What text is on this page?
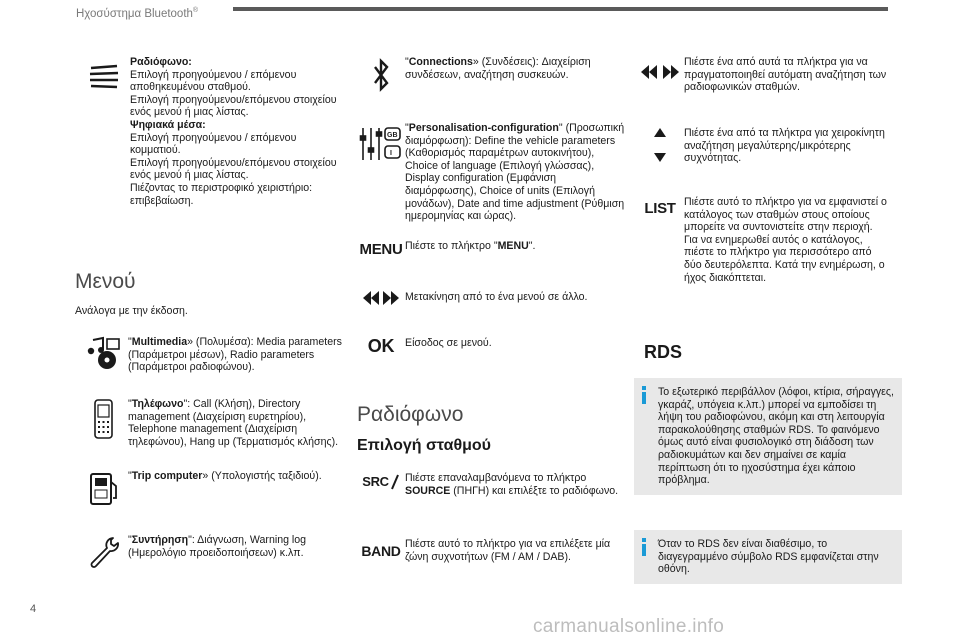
Ηχοσύστημα Bluetooth®
Ραδιόφωνο:
Επιλογή προηγούμενου / επόμενου αποθηκευμένου σταθμού.
Επιλογή προηγούμενου/επόμενου στοιχείου ενός μενού ή μιας λίστας.
Ψηφιακά μέσα:
Επιλογή προηγούμενου / επόμενου κομματιού.
Επιλογή προηγούμενου/επόμενου στοιχείου ενός μενού ή μιας λίστας.
Πιέζοντας το περιστροφικό χειριστήριο: επιβεβαίωση.
Μενού
Ανάλογα με την έκδοση.
"Multimedia» (Πολυμέσα): Media parameters (Παράμετροι μέσων), Radio parameters (Παράμετροι ραδιοφώνου).
"Τηλέφωνο": Call (Κλήση), Directory management (Διαχείριση ευρετηρίου), Telephone management (Διαχείριση τηλεφώνου), Hang up (Τερματισμός κλήσης).
"Trip computer» (Υπολογιστής ταξιδιού).
"Συντήρηση": Διάγνωση, Warning log (Ημερολόγιο προειδοποιήσεων) κ.λπ.
"Connections» (Συνδέσεις): Διαχείριση συνδέσεων, αναζήτηση συσκευών.
GB
I
"Personalisation-configuration" (Προσωπική διαμόρφωση): Define the vehicle parameters (Καθορισμός παραμέτρων αυτοκινήτου), Choice of language (Επιλογή γλώσσας), Display configuration (Εμφάνιση διαμόρφωσης), Choice of units (Επιλογή μονάδων), Date and time adjustment (Ρύθμιση ημερομηνίας και ώρας).
MENU Πιέστε το πλήκτρο "MENU".
Μετακίνηση από το ένα μενού σε άλλο.
OK Είσοδος σε μενού.
Ραδιόφωνο
Επιλογή σταθμού
SRC Πιέστε επαναλαμβανόμενα το πλήκτρο SOURCE (ΠΗΓΗ) και επιλέξτε το ραδιόφωνο.
BAND Πιέστε αυτό το πλήκτρο για να επιλέξετε μία ζώνη συχνοτήτων (FM / AM / DAB).
Πιέστε ένα από αυτά τα πλήκτρα για να πραγματοποιηθεί αυτόματη αναζήτηση των ραδιοφωνικών σταθμών.
Πιέστε ένα από τα πλήκτρα για χειροκίνητη αναζήτηση μεγαλύτερης/μικρότερης συχνότητας.
LIST Πιέστε αυτό το πλήκτρο για να εμφανιστεί ο κατάλογος των σταθμών στους οποίους μπορείτε να συντονιστείτε στην περιοχή.
Για να ενημερωθεί αυτός ο κατάλογος, πιέστε το πλήκτρο για περισσότερο από δύο δευτερόλεπτα. Κατά την ενημέρωση, ο ήχος διακόπτεται.
RDS
Το εξωτερικό περιβάλλον (λόφοι, κτίρια, σήραγγες, γκαράζ, υπόγεια κ.λπ.) μπορεί να εμποδίσει τη λήψη του ραδιοφώνου, ακόμη και στη λειτουργία παρακολούθησης σταθμών RDS. Το φαινόμενο όμως αυτό είναι φυσιολογικό στη διάδοση των ραδιοκυμάτων και δεν σημαίνει σε καμία περίπτωση ότι το ηχοσύστημα έχει κάποιο πρόβλημα.
Όταν το RDS δεν είναι διαθέσιμο, το διαγεγραμμένο σύμβολο RDS εμφανίζεται στην οθόνη.
4
carmanualsonline.info
